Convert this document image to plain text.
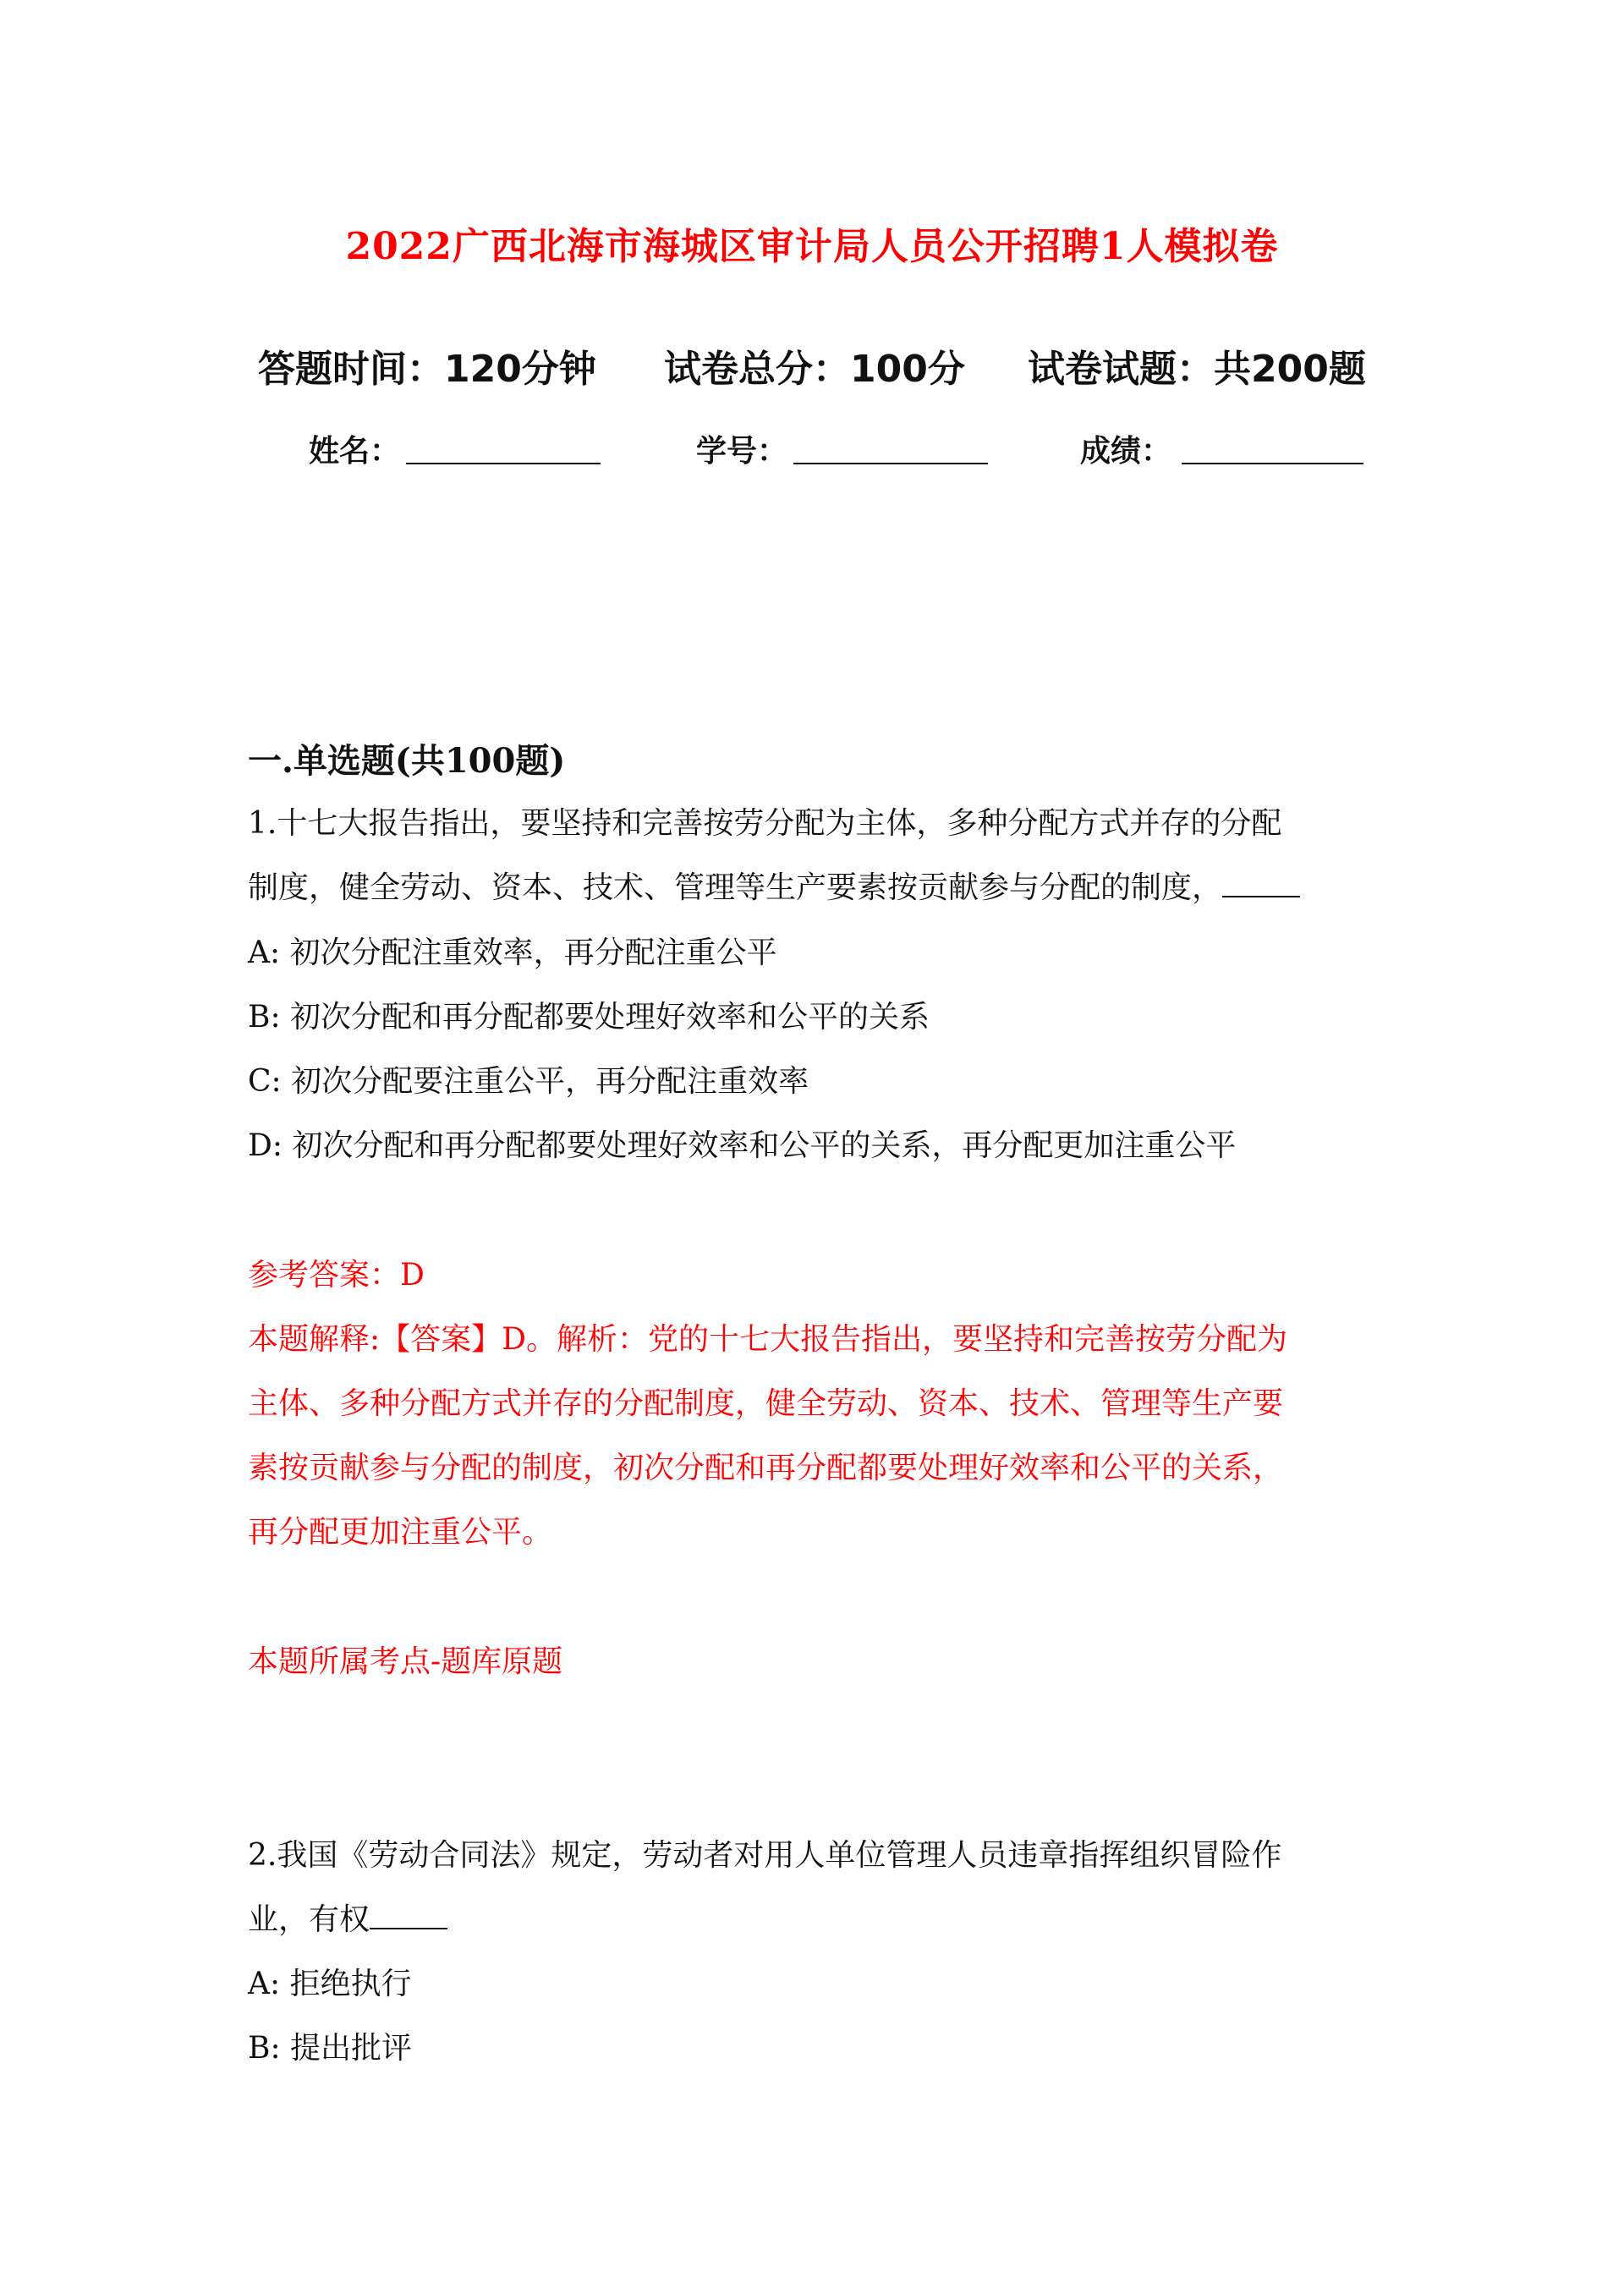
2022广西北海市海城区审计局人员公开招聘1人模拟卷
答题时间：120分钟 试卷总分：100分 试卷试题：共200题
姓名：	学号：	成绩：
一.单选题(共100题)
1.十七大报告指出，要坚持和完善按劳分配为主体，多种分配方式并存的分配
制度，健全劳动、资本、技术、管理等生产要素按贡献参与分配的制度，
A: 初次分配注重效率，再分配注重公平
B: 初次分配和再分配都要处理好效率和公平的关系
C: 初次分配要注重公平，再分配注重效率
D: 初次分配和再分配都要处理好效率和公平的关系，再分配更加注重公平
参考答案：D
本题解释:【答案】D。解析：党的十七大报告指出，要坚持和完善按劳分配为
主体、多种分配方式并存的分配制度，健全劳动、资本、技术、管理等生产要
素按贡献参与分配的制度，初次分配和再分配都要处理好效率和公平的关系，
再分配更加注重公平。
本题所属考点-题库原题
2.我国《劳动合同法》规定，劳动者对用人单位管理人员违章指挥组织冒险作
业，有权
A: 拒绝执行
B: 提出批评
